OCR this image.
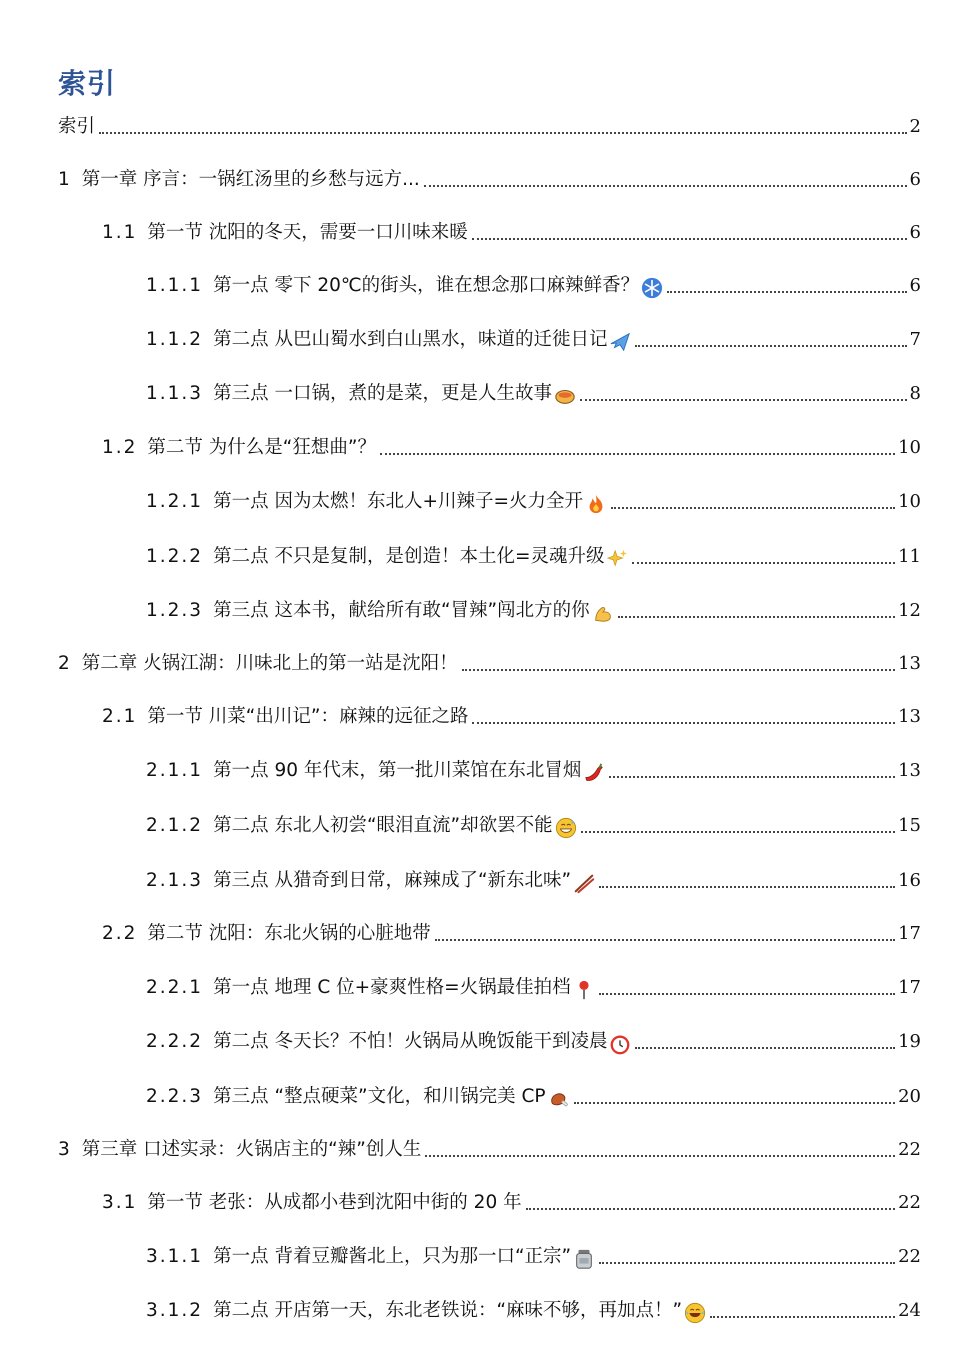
索引
索引	2
1 第一章 序言：一锅红汤里的乡愁与远方...	6
1.1 第一节 沈阳的冬天，需要一口川味来暖	6
1.1.1 第一点 零下 20℃的街头，谁在想念那口麻辣鲜香？	6
1.1.2 第二点 从巴山蜀水到白山黑水，味道的迁徙日记	7
1.1.3 第三点 一口锅，煮的是菜，更是人生故事	8
1.2 第二节 为什么是“狂想曲”？	10
1.2.1 第一点 因为太燃！东北人+川辣子=火力全开	10
1.2.2 第二点 不只是复制，是创造！本土化=灵魂升级	11
1.2.3 第三点 这本书，献给所有敢“冒辣”闯北方的你	12
2 第二章 火锅江湖：川味北上的第一站是沈阳！	13
2.1 第一节 川菜“出川记”：麻辣的远征之路	13
2.1.1 第一点 90 年代末，第一批川菜馆在东北冒烟	13
2.1.2 第二点 东北人初尝“眼泪直流”却欲罢不能	15
2.1.3 第三点 从猎奇到日常，麻辣成了“新东北味”	16
2.2 第二节 沈阳：东北火锅的心脏地带	17
2.2.1 第一点 地理 C 位+豪爽性格=火锅最佳拍档	17
2.2.2 第二点 冬天长？不怕！火锅局从晚饭能干到凌晨	19
2.2.3 第三点 “整点硬菜”文化，和川锅完美 CP	20
3 第三章 口述实录：火锅店主的“辣”创人生	22
3.1 第一节 老张：从成都小巷到沈阳中街的 20 年	22
3.1.1 第一点 背着豆瓣酱北上，只为那一口“正宗”	22
3.1.2 第二点 开店第一天，东北老铁说：“麻味不够，再加点！”	24
